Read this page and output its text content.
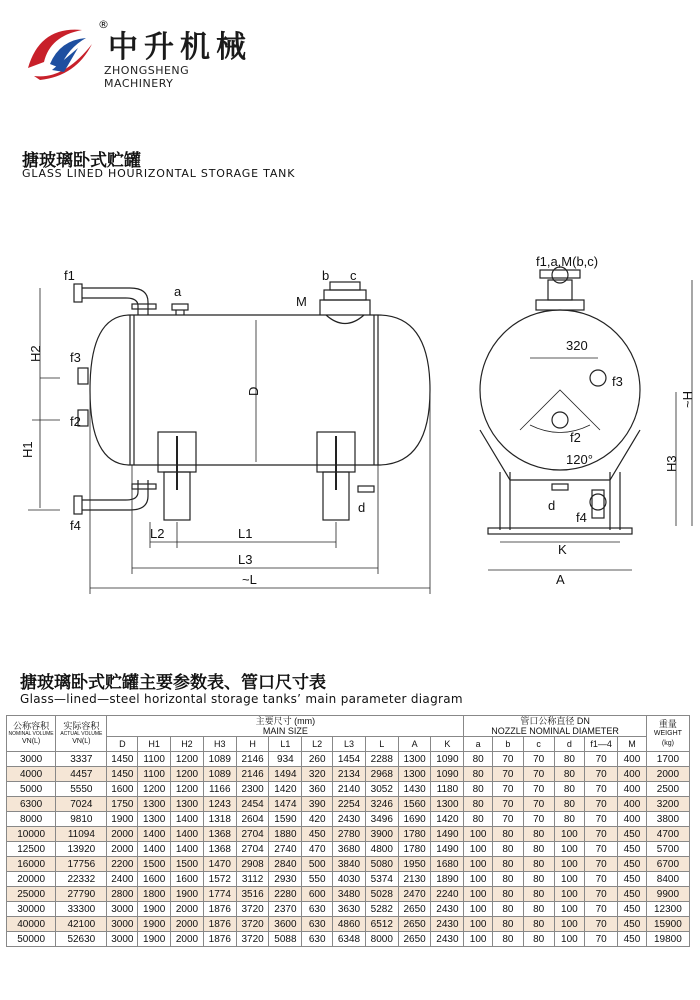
®
中升机械
ZHONGSHENG MACHINERY
搪玻璃卧式贮罐
GLASS LINED HOURIZONTAL STORAGE TANK
f1
a
b c
M
f3
f2
f4
d
H2
H1
D
L2	L1
L3
~L
f1,a,M(b,c)
320
f3
f2
120°
d
f4
K
A
H3
~H
搪玻璃卧式贮罐主要参数表、管口尺寸表
Glass—lined—steel horizontal storage tanks’ main parameter diagram
公称容积
NOMINAL VOLUME
VN(L)	实际容积
ACTUAL VOLUME
VN(L)	主要尺寸 (mm)
MAIN SIZE											管口公称直径 DN
NOZZLE NOMINAL DIAMETER						重量
WEIGHT
(kg)

		D	H1	H2	H3	H	L1	L2	L3	L	A	K	a	b	c	d	f1—4	M	
3000	3337	1450	1100	1200	1089	2146	934	260	1454	2288	1300	1090	80	70	70	80	70	400	1700
4000	4457	1450	1100	1200	1089	2146	1494	320	2134	2968	1300	1090	80	70	70	80	70	400	2000
5000	5550	1600	1200	1200	1166	2300	1420	360	2140	3052	1430	1180	80	70	70	80	70	400	2500
6300	7024	1750	1300	1300	1243	2454	1474	390	2254	3246	1560	1300	80	70	70	80	70	400	3200
8000	9810	1900	1300	1400	1318	2604	1590	420	2430	3496	1690	1420	80	70	70	80	70	400	3800
10000	11094	2000	1400	1400	1368	2704	1880	450	2780	3900	1780	1490	100	80	80	100	70	450	4700
12500	13920	2000	1400	1400	1368	2704	2740	470	3680	4800	1780	1490	100	80	80	100	70	450	5700
16000	17756	2200	1500	1500	1470	2908	2840	500	3840	5080	1950	1680	100	80	80	100	70	450	6700
20000	22332	2400	1600	1600	1572	3112	2930	550	4030	5374	2130	1890	100	80	80	100	70	450	8400
25000	27790	2800	1800	1900	1774	3516	2280	600	3480	5028	2470	2240	100	80	80	100	70	450	9900
30000	33300	3000	1900	2000	1876	3720	2370	630	3630	5282	2650	2430	100	80	80	100	70	450	12300
40000	42100	3000	1900	2000	1876	3720	3600	630	4860	6512	2650	2430	100	80	80	100	70	450	15900
50000	52630	3000	1900	2000	1876	3720	5088	630	6348	8000	2650	2430	100	80	80	100	70	450	19800
